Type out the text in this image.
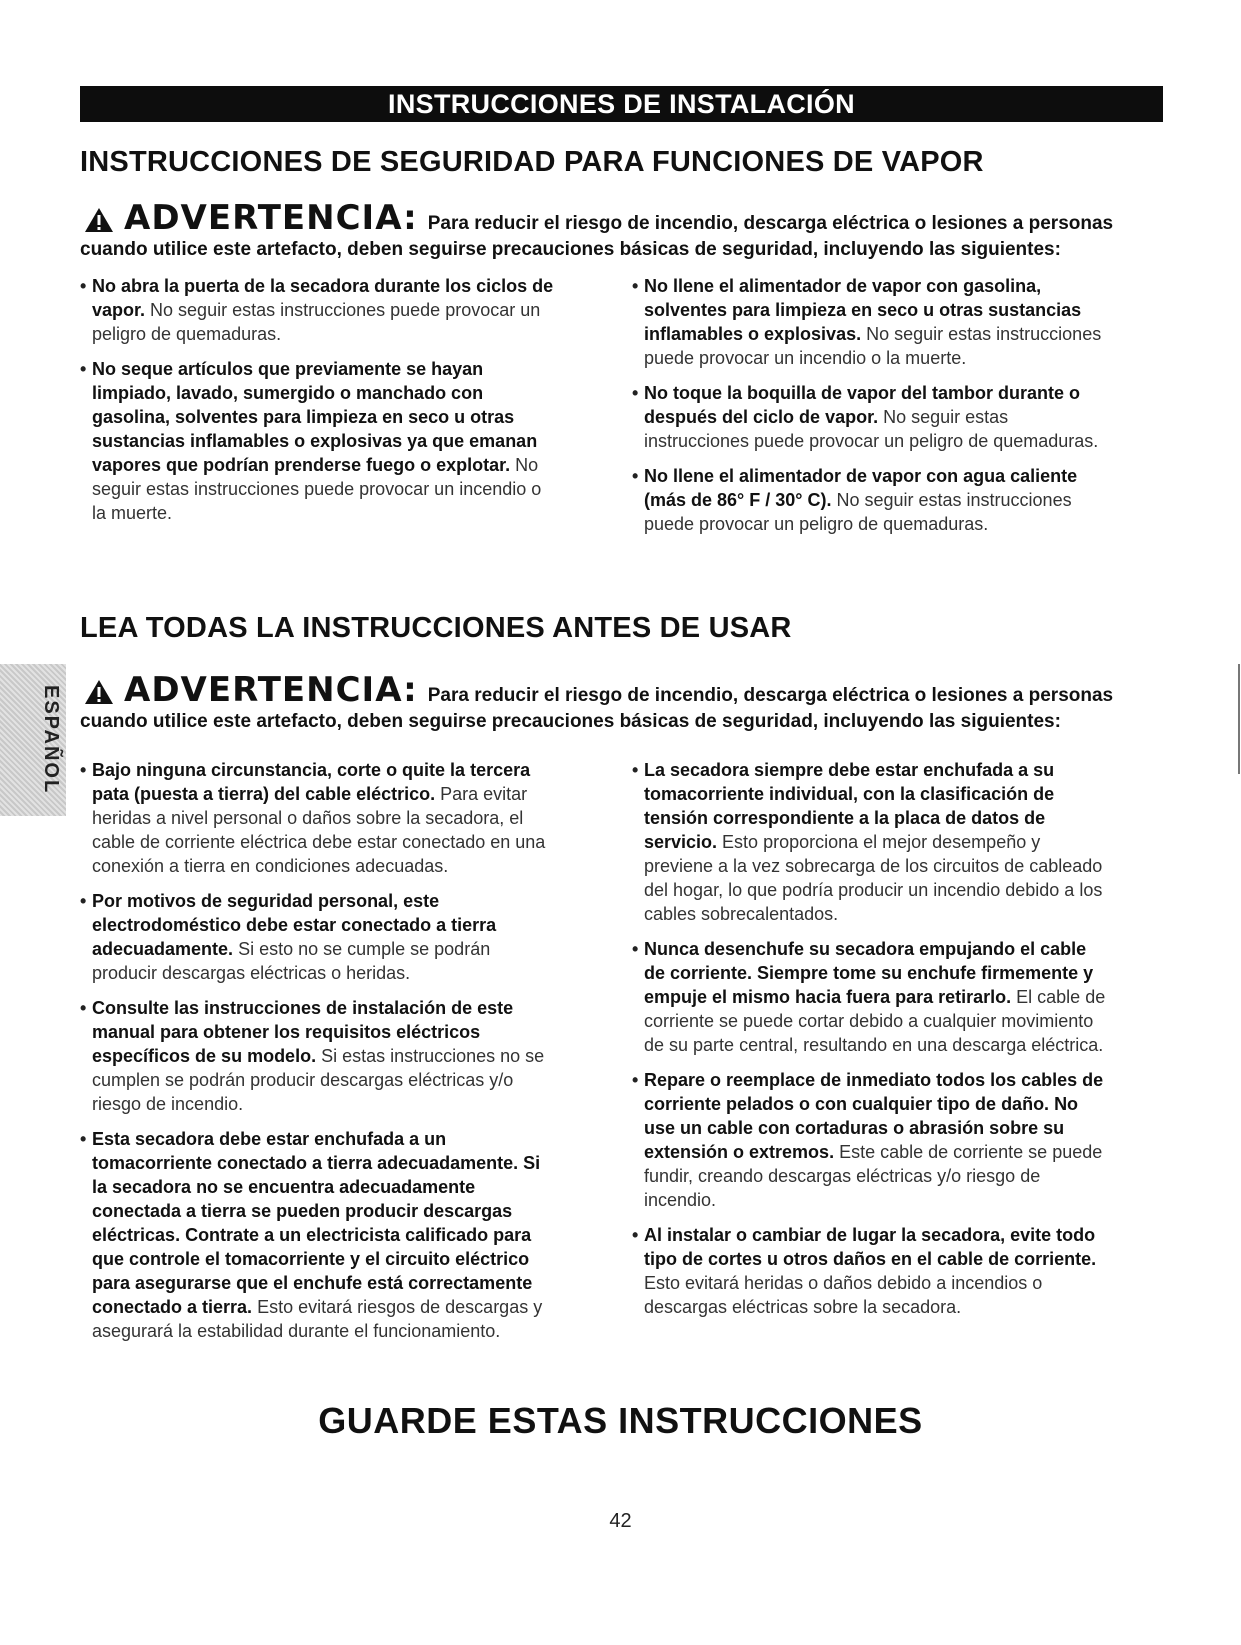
INSTRUCCIONES DE INSTALACIÓN
INSTRUCCIONES DE SEGURIDAD PARA FUNCIONES DE VAPOR
ADVERTENCIA: Para reducir el riesgo de incendio, descarga eléctrica o lesiones a personas
cuando utilice este artefacto, deben seguirse precauciones básicas de seguridad, incluyendo las siguientes:
• No abra la puerta de la secadora durante los ciclos de vapor. No seguir estas instrucciones puede provocar un peligro de quemaduras.
• No seque artículos que previamente se hayan limpiado, lavado, sumergido o manchado con gasolina, solventes para limpieza en seco u otras sustancias inflamables o explosivas ya que emanan vapores que podrían prenderse fuego o explotar. No seguir estas instrucciones puede provocar un incendio o la muerte.
• No llene el alimentador de vapor con gasolina, solventes para limpieza en seco u otras sustancias inflamables o explosivas. No seguir estas instrucciones puede provocar un incendio o la muerte.
• No toque la boquilla de vapor del tambor durante o después del ciclo de vapor. No seguir estas instrucciones puede provocar un peligro de quemaduras.
• No llene el alimentador de vapor con agua caliente (más de 86° F / 30° C). No seguir estas instrucciones puede provocar un peligro de quemaduras.
LEA TODAS LA INSTRUCCIONES ANTES DE USAR
ESPAÑOL ADVERTENCIA: Para reducir el riesgo de incendio, descarga eléctrica o lesiones a personas
cuando utilice este artefacto, deben seguirse precauciones básicas de seguridad, incluyendo las siguientes:
• Bajo ninguna circunstancia, corte o quite la tercera pata (puesta a tierra) del cable eléctrico. Para evitar heridas a nivel personal o daños sobre la secadora, el cable de corriente eléctrica debe estar conectado en una conexión a tierra en condiciones adecuadas.
• Por motivos de seguridad personal, este electrodoméstico debe estar conectado a tierra adecuadamente. Si esto no se cumple se podrán producir descargas eléctricas o heridas.
• Consulte las instrucciones de instalación de este manual para obtener los requisitos eléctricos específicos de su modelo. Si estas instrucciones no se cumplen se podrán producir descargas eléctricas y/o riesgo de incendio.
• Esta secadora debe estar enchufada a un tomacorriente conectado a tierra adecuadamente. Si la secadora no se encuentra adecuadamente conectada a tierra se pueden producir descargas eléctricas. Contrate a un electricista calificado para que controle el tomacorriente y el circuito eléctrico para asegurarse que el enchufe está correctamente conectado a tierra. Esto evitará riesgos de descargas y asegurará la estabilidad durante el funcionamiento.
• La secadora siempre debe estar enchufada a su tomacorriente individual, con la clasificación de tensión correspondiente a la placa de datos de servicio. Esto proporciona el mejor desempeño y previene a la vez sobrecarga de los circuitos de cableado del hogar, lo que podría producir un incendio debido a los cables sobrecalentados.
• Nunca desenchufe su secadora empujando el cable de corriente. Siempre tome su enchufe firmemente y empuje el mismo hacia fuera para retirarlo. El cable de corriente se puede cortar debido a cualquier movimiento de su parte central, resultando en una descarga eléctrica.
• Repare o reemplace de inmediato todos los cables de corriente pelados o con cualquier tipo de daño. No use un cable con cortaduras o abrasión sobre su extensión o extremos. Este cable de corriente se puede fundir, creando descargas eléctricas y/o riesgo de incendio.
• Al instalar o cambiar de lugar la secadora, evite todo tipo de cortes u otros daños en el cable de corriente. Esto evitará heridas o daños debido a incendios o descargas eléctricas sobre la secadora.
GUARDE ESTAS INSTRUCCIONES
42
